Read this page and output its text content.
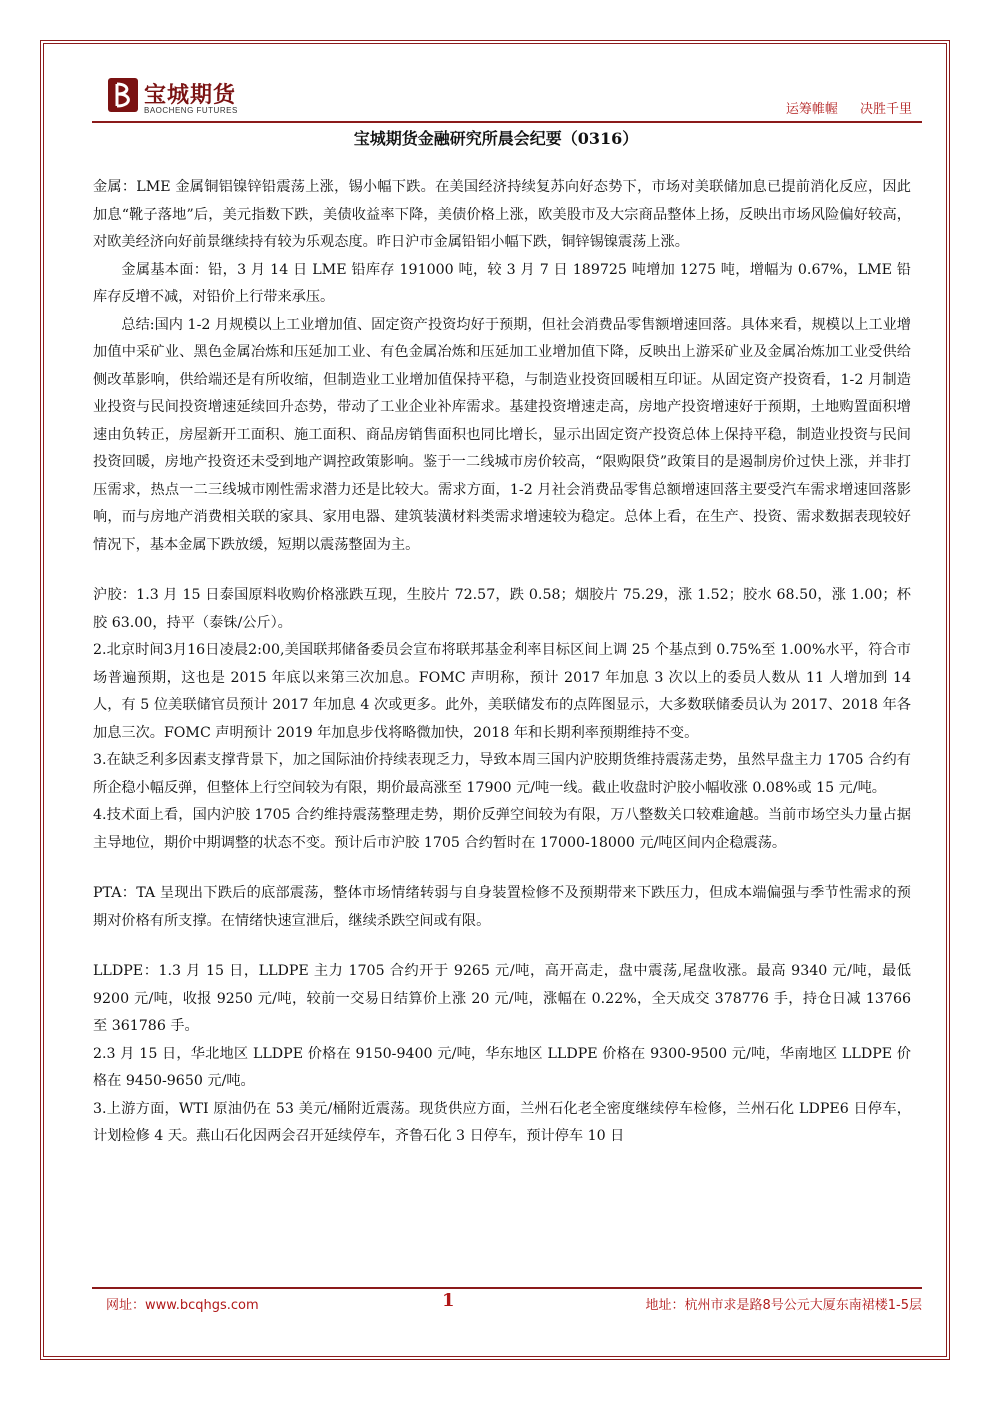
宝城期货
BAOCHENG FUTURES	运筹帷幄 决胜千里
宝城期货金融研究所晨会纪要（0316）

金属：LME 金属铜铝镍锌铅震荡上涨，锡小幅下跌。在美国经济持续复苏向好态势下，市场对美联储加息已提前消化反应，因此加息“靴子落地”后，美元指数下跌，美债收益率下降，美债价格上涨，欧美股市及大宗商品整体上扬，反映出市场风险偏好较高，对欧美经济向好前景继续持有较为乐观态度。昨日沪市金属铅铝小幅下跌，铜锌锡镍震荡上涨。

金属基本面：铅，3 月 14 日 LME 铅库存 191000 吨，较 3 月 7 日 189725 吨增加 1275 吨，增幅为 0.67%，LME 铅库存反增不减，对铅价上行带来承压。

总结:国内 1-2 月规模以上工业增加值、固定资产投资均好于预期，但社会消费品零售额增速回落。具体来看，规模以上工业增加值中采矿业、黑色金属冶炼和压延加工业、有色金属冶炼和压延加工业增加值下降，反映出上游采矿业及金属冶炼加工业受供给侧改革影响，供给端还是有所收缩，但制造业工业增加值保持平稳，与制造业投资回暖相互印证。从固定资产投资看，1-2 月制造业投资与民间投资增速延续回升态势，带动了工业企业补库需求。基建投资增速走高，房地产投资增速好于预期，土地购置面积增速由负转正，房屋新开工面积、施工面积、商品房销售面积也同比增长，显示出固定资产投资总体上保持平稳，制造业投资与民间投资回暖，房地产投资还未受到地产调控政策影响。鉴于一二线城市房价较高，“限购限贷”政策目的是遏制房价过快上涨，并非打压需求，热点一二三线城市刚性需求潜力还是比较大。需求方面，1-2 月社会消费品零售总额增速回落主要受汽车需求增速回落影响，而与房地产消费相关联的家具、家用电器、建筑装潢材料类需求增速较为稳定。总体上看，在生产、投资、需求数据表现较好情况下，基本金属下跌放缓，短期以震荡整固为主。

沪胶：1.3 月 15 日泰国原料收购价格涨跌互现，生胶片 72.57，跌 0.58；烟胶片 75.29，涨 1.52；胶水 68.50，涨 1.00；杯胶 63.00，持平（泰铢/公斤）。

2.北京时间3月16日凌晨2:00,美国联邦储备委员会宣布将联邦基金利率目标区间上调 25 个基点到 0.75%至 1.00%水平，符合市场普遍预期，这也是 2015 年底以来第三次加息。FOMC 声明称，预计 2017 年加息 3 次以上的委员人数从 11 人增加到 14 人，有 5 位美联储官员预计 2017 年加息 4 次或更多。此外，美联储发布的点阵图显示，大多数联储委员认为 2017、2018 年各加息三次。FOMC 声明预计 2019 年加息步伐将略微加快，2018 年和长期利率预期维持不变。

3.在缺乏利多因素支撑背景下，加之国际油价持续表现乏力，导致本周三国内沪胶期货维持震荡走势，虽然早盘主力 1705 合约有所企稳小幅反弹，但整体上行空间较为有限，期价最高涨至 17900 元/吨一线。截止收盘时沪胶小幅收涨 0.08%或 15 元/吨。

4.技术面上看，国内沪胶 1705 合约维持震荡整理走势，期价反弹空间较为有限，万八整数关口较难逾越。当前市场空头力量占据主导地位，期价中期调整的状态不变。预计后市沪胶 1705 合约暂时在 17000-18000 元/吨区间内企稳震荡。

PTA：TA 呈现出下跌后的底部震荡，整体市场情绪转弱与自身装置检修不及预期带来下跌压力，但成本端偏强与季节性需求的预期对价格有所支撑。在情绪快速宣泄后，继续杀跌空间或有限。

LLDPE：1.3 月 15 日，LLDPE 主力 1705 合约开于 9265 元/吨，高开高走，盘中震荡,尾盘收涨。最高 9340 元/吨，最低 9200 元/吨，收报 9250 元/吨，较前一交易日结算价上涨 20 元/吨，涨幅在 0.22%，全天成交 378776 手，持仓日减 13766 至 361786 手。

2.3 月 15 日，华北地区 LLDPE 价格在 9150-9400 元/吨，华东地区 LLDPE 价格在 9300-9500 元/吨，华南地区 LLDPE 价格在 9450-9650 元/吨。

3.上游方面，WTI 原油仍在 53 美元/桶附近震荡。现货供应方面，兰州石化老全密度继续停车检修，兰州石化 LDPE6 日停车，计划检修 4 天。燕山石化因两会召开延续停车，齐鲁石化 3 日停车，预计停车 10 日

网址：www.bcqhgs.com	1	地址：杭州市求是路8号公元大厦东南裙楼1-5层
